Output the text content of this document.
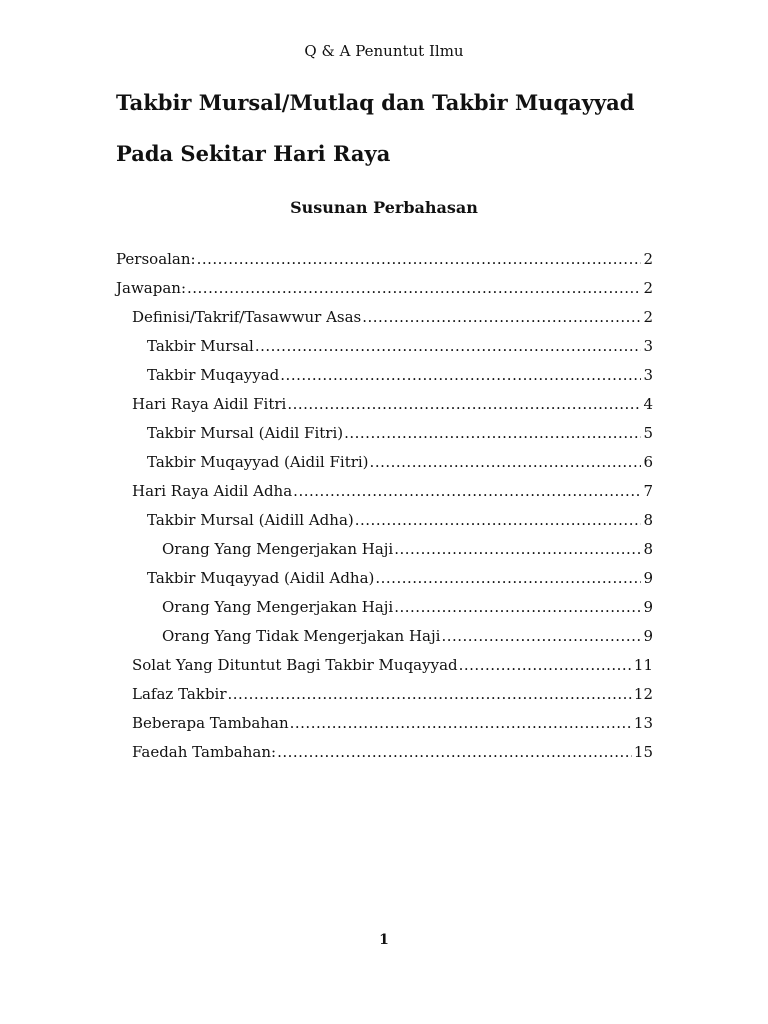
Q & A Penuntut Ilmu
Takbir Mursal/Mutlaq dan Takbir Muqayyad
Pada Sekitar Hari Raya
Susunan Perbahasan
Persoalan: .....	2
Jawapan: .....	2
Definisi/Takrif/Tasawwur Asas .....	2
Takbir Mursal .....	3
Takbir Muqayyad .....	3
Hari Raya Aidil Fitri .....	4
Takbir Mursal (Aidil Fitri) .....	5
Takbir Muqayyad (Aidil Fitri) .....	6
Hari Raya Aidil Adha .....	7
Takbir Mursal (Aidill Adha) .....	8
Orang Yang Mengerjakan Haji .....	8
Takbir Muqayyad (Aidil Adha) .....	9
Orang Yang Mengerjakan Haji .....	9
Orang Yang Tidak Mengerjakan Haji .....	9
Solat Yang Dituntut Bagi Takbir Muqayyad .....	11
Lafaz Takbir .....	12
Beberapa Tambahan .....	13
Faedah Tambahan: .....	15
1
